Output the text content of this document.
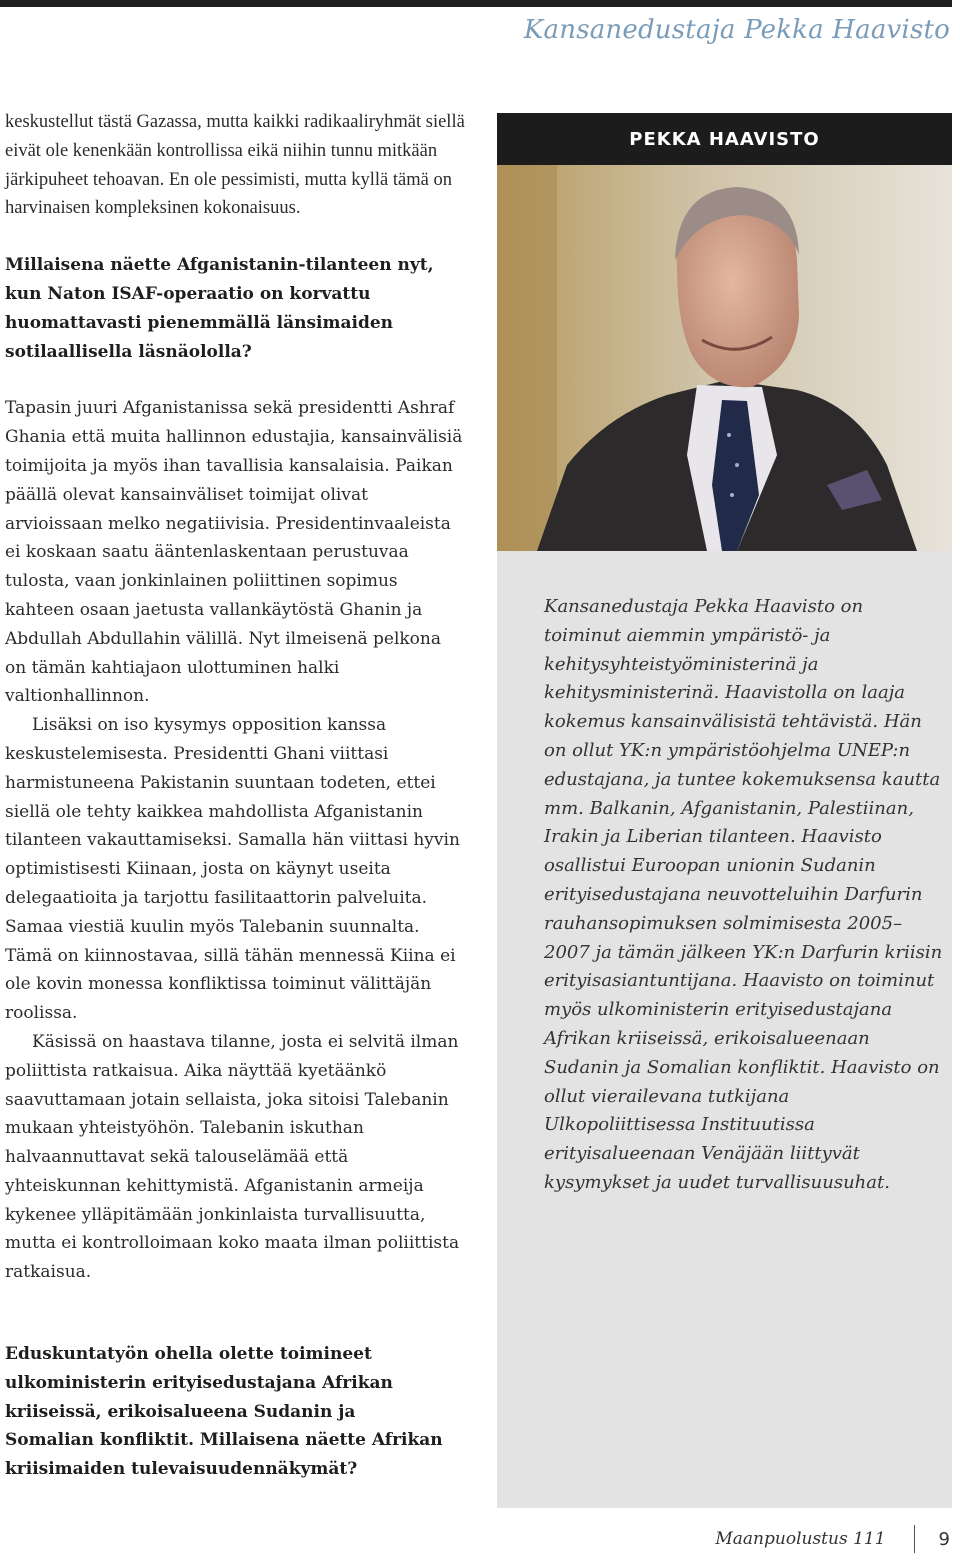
Kansanedustaja Pekka Haavisto

keskustellut tästä Gazassa, mutta kaikki radikaaliryhmät siellä eivät ole kenenkään kontrollissa eikä niihin tunnu mitkään järkipuheet tehoavan. En ole pessimisti, mutta kyllä tämä on harvinaisen kompleksinen kokonaisuus.

Millaisena näette Afganistanin-tilanteen nyt, kun Naton ISAF-operaatio on korvattu huomattavasti pienemmällä länsimaiden sotilaallisella läsnäololla?

Tapasin juuri Afganistanissa sekä presidentti Ashraf Ghania että muita hallinnon edustajia, kansainvälisiä toimijoita ja myös ihan tavallisia kansalaisia. Paikan päällä olevat kansainväliset toimijat olivat arvioissaan melko negatiivisia. Presidentinvaaleista ei koskaan saatu ääntenlaskentaan perustuvaa tulosta, vaan jonkinlainen poliittinen sopimus kahteen osaan jaetusta vallankäytöstä Ghanin ja Abdullah Abdullahin välillä. Nyt ilmeisenä pelkona on tämän kahtiajaon ulottuminen halki valtionhallinnon.

Lisäksi on iso kysymys opposition kanssa keskustelemisesta. Presidentti Ghani viittasi harmistuneena Pakistanin suuntaan todeten, ettei siellä ole tehty kaikkea mahdollista Afganistanin tilanteen vakauttamiseksi. Samalla hän viittasi hyvin optimistisesti Kiinaan, josta on käynyt useita delegaatioita ja tarjottu fasilitaattorin palveluita. Samaa viestiä kuulin myös Talebanin suunnalta. Tämä on kiinnostavaa, sillä tähän mennessä Kiina ei ole kovin monessa konfliktissa toiminut välittäjän roolissa.

Käsissä on haastava tilanne, josta ei selvitä ilman poliittista ratkaisua. Aika näyttää kyetäänkö saavuttamaan jotain sellaista, joka sitoisi Talebanin mukaan yhteistyöhön. Talebanin iskuthan halvaannuttavat sekä talouselämää että yhteiskunnan kehittymistä. Afganistanin armeija kykenee ylläpitämään jonkinlaista turvallisuutta, mutta ei kontrolloimaan koko maata ilman poliittista ratkaisua.

Eduskuntatyön ohella olette toimineet ulkoministerin erityisedustajana Afrikan kriiseissä, erikoisalueena Sudanin ja Somalian konfliktit. Millaisena näette Afrikan kriisimaiden tulevaisuudennäkymät?

PEKKA HAAVISTO
Kansanedustaja Pekka Haavisto on toiminut aiemmin ympäristö- ja kehitysyhteistyöministerinä ja kehitysministerinä. Haavistolla on laaja kokemus kansainvälisistä tehtävistä. Hän on ollut YK:n ympäristöohjelma UNEP:n edustajana, ja tuntee kokemuksensa kautta mm. Balkanin, Afganistanin, Palestiinan, Irakin ja Liberian tilanteen. Haavisto osallistui Euroopan unionin Sudanin erityisedustajana neuvotteluihin Darfurin rauhansopimuksen solmimisesta 2005–2007 ja tämän jälkeen YK:n Darfurin kriisin erityisasiantuntijana. Haavisto on toiminut myös ulkoministerin erityisedustajana Afrikan kriiseissä, erikoisalueenaan Sudanin ja Somalian konfliktit. Haavisto on ollut vierailevana tutkijana Ulkopoliittisessa Instituutissa erityisalueenaan Venäjään liittyvät kysymykset ja uudet turvallisuusuhat.
Maanpuolustus 111	9
